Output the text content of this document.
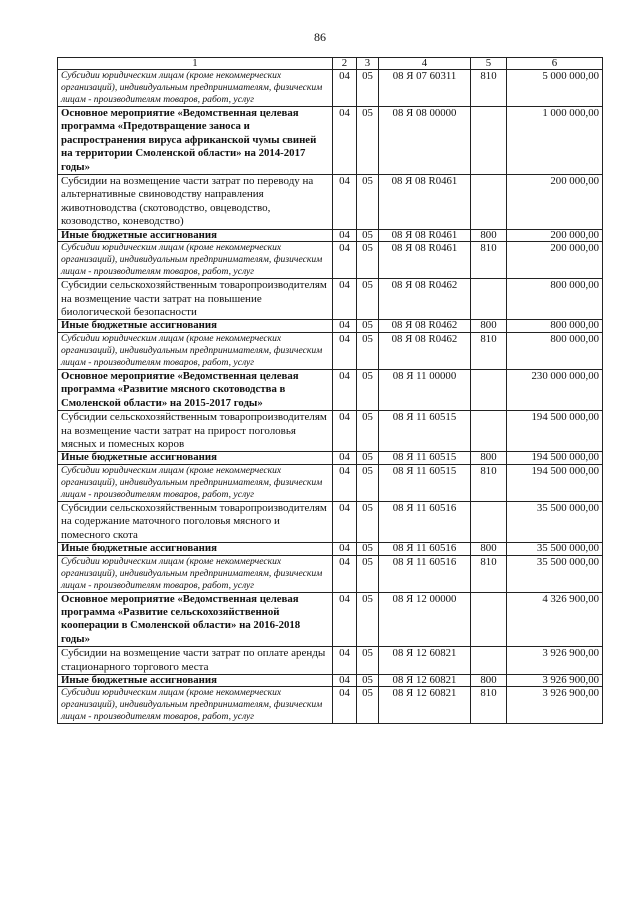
86
1	2	3	4	5	6
Субсидии юридическим лицам (кроме некоммерческих организаций), индивидуальным предпринимателям, физическим лицам - производителям товаров, работ, услуг	04	05	08 Я 07 60311	810	5 000 000,00
Основное мероприятие «Ведомственная целевая программа «Предотвращение заноса и распространения вируса африканской чумы свиней на территории Смоленской области» на 2014-2017 годы»	04	05	08 Я 08 00000		1 000 000,00
Субсидии на возмещение части затрат по переводу на альтернативные свиноводству направления животноводства (скотоводство, овцеводство, козоводство, коневодство)	04	05	08 Я 08 R0461		200 000,00
Иные бюджетные ассигнования	04	05	08 Я 08 R0461	800	200 000,00
Субсидии юридическим лицам (кроме некоммерческих организаций), индивидуальным предпринимателям, физическим лицам - производителям товаров, работ, услуг	04	05	08 Я 08 R0461	810	200 000,00
Субсидии сельскохозяйственным товаропроизводителям на возмещение части затрат на повышение биологической безопасности	04	05	08 Я 08 R0462		800 000,00
Иные бюджетные ассигнования	04	05	08 Я 08 R0462	800	800 000,00
Субсидии юридическим лицам (кроме некоммерческих организаций), индивидуальным предпринимателям, физическим лицам - производителям товаров, работ, услуг	04	05	08 Я 08 R0462	810	800 000,00
Основное мероприятие «Ведомственная целевая программа «Развитие мясного скотоводства в Смоленской области» на 2015-2017 годы»	04	05	08 Я 11 00000		230 000 000,00
Субсидии сельскохозяйственным товаропроизводителям на возмещение части затрат на прирост поголовья мясных и помесных коров	04	05	08 Я 11 60515		194 500 000,00
Иные бюджетные ассигнования	04	05	08 Я 11 60515	800	194 500 000,00
Субсидии юридическим лицам (кроме некоммерческих организаций), индивидуальным предпринимателям, физическим лицам - производителям товаров, работ, услуг	04	05	08 Я 11 60515	810	194 500 000,00
Субсидии сельскохозяйственным товаропроизводителям на содержание маточного поголовья мясного и помесного скота	04	05	08 Я 11 60516		35 500 000,00
Иные бюджетные ассигнования	04	05	08 Я 11 60516	800	35 500 000,00
Субсидии юридическим лицам (кроме некоммерческих организаций), индивидуальным предпринимателям, физическим лицам - производителям товаров, работ, услуг	04	05	08 Я 11 60516	810	35 500 000,00
Основное мероприятие «Ведомственная целевая программа «Развитие сельскохозяйственной кооперации в Смоленской области» на 2016-2018 годы»	04	05	08 Я 12 00000		4 326 900,00
Субсидии на возмещение части затрат по оплате аренды стационарного торгового места	04	05	08 Я 12 60821		3 926 900,00
Иные бюджетные ассигнования	04	05	08 Я 12 60821	800	3 926 900,00
Субсидии юридическим лицам (кроме некоммерческих организаций), индивидуальным предпринимателям, физическим лицам - производителям товаров, работ, услуг	04	05	08 Я 12 60821	810	3 926 900,00
